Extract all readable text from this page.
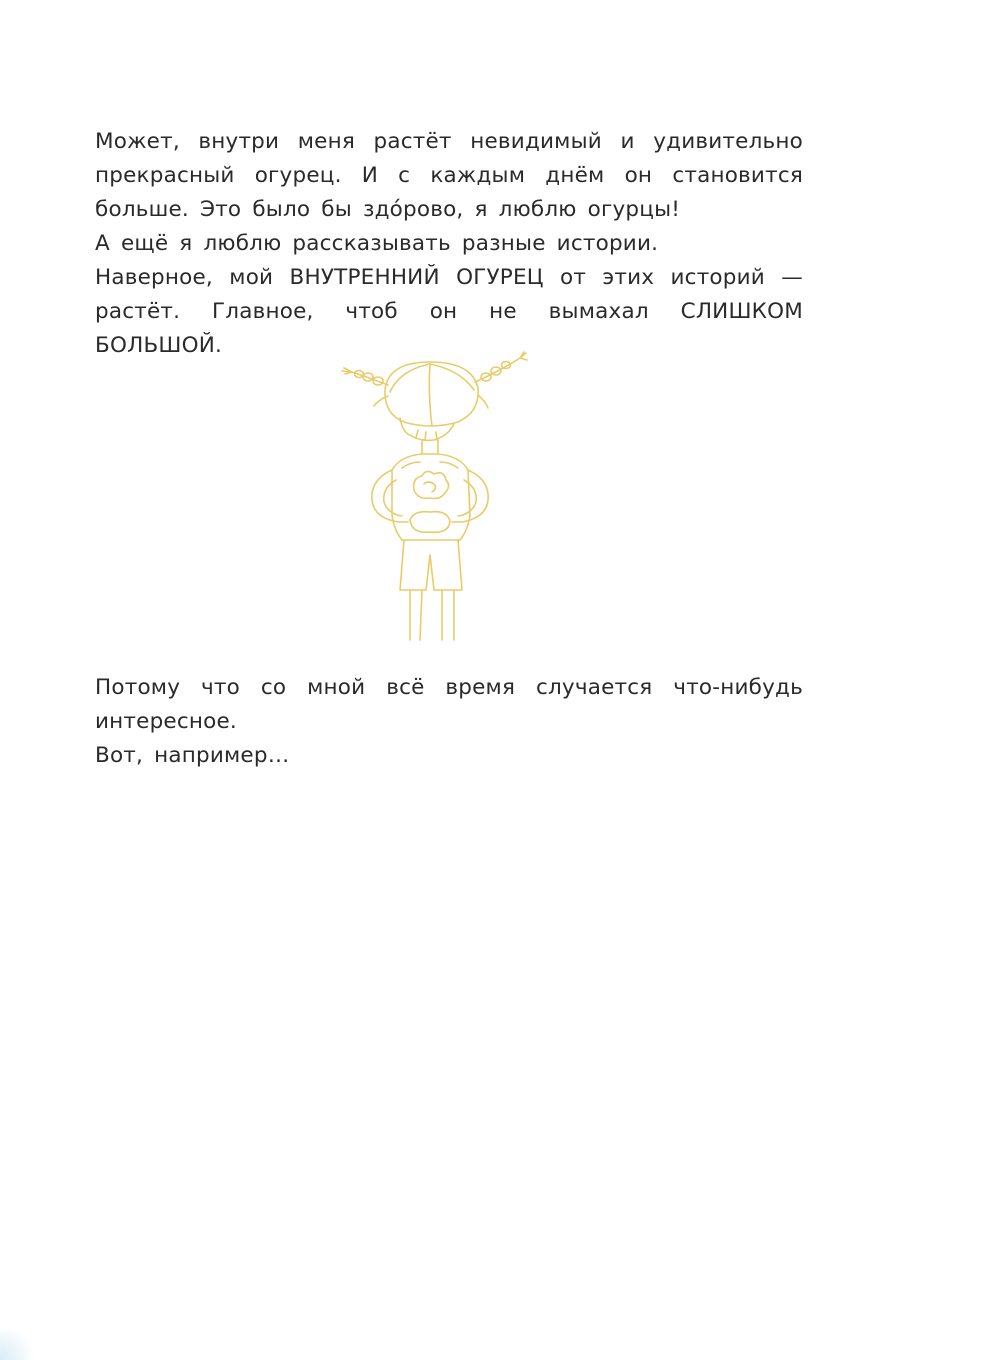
Может, внутри меня растёт невидимый и удивительно прекрасный огурец. И с каждым днём он становится больше. Это было бы здóрово, я люблю огурцы!

А ещё я люблю рассказывать разные истории.

Наверное, мой ВНУТРЕННИЙ ОГУРЕЦ от этих историй — растёт. Главное, чтоб он не вымахал СЛИШКОМ БОЛЬШОЙ.

Потому что со мной всё время случается что-нибудь интересное.

Вот, например…
